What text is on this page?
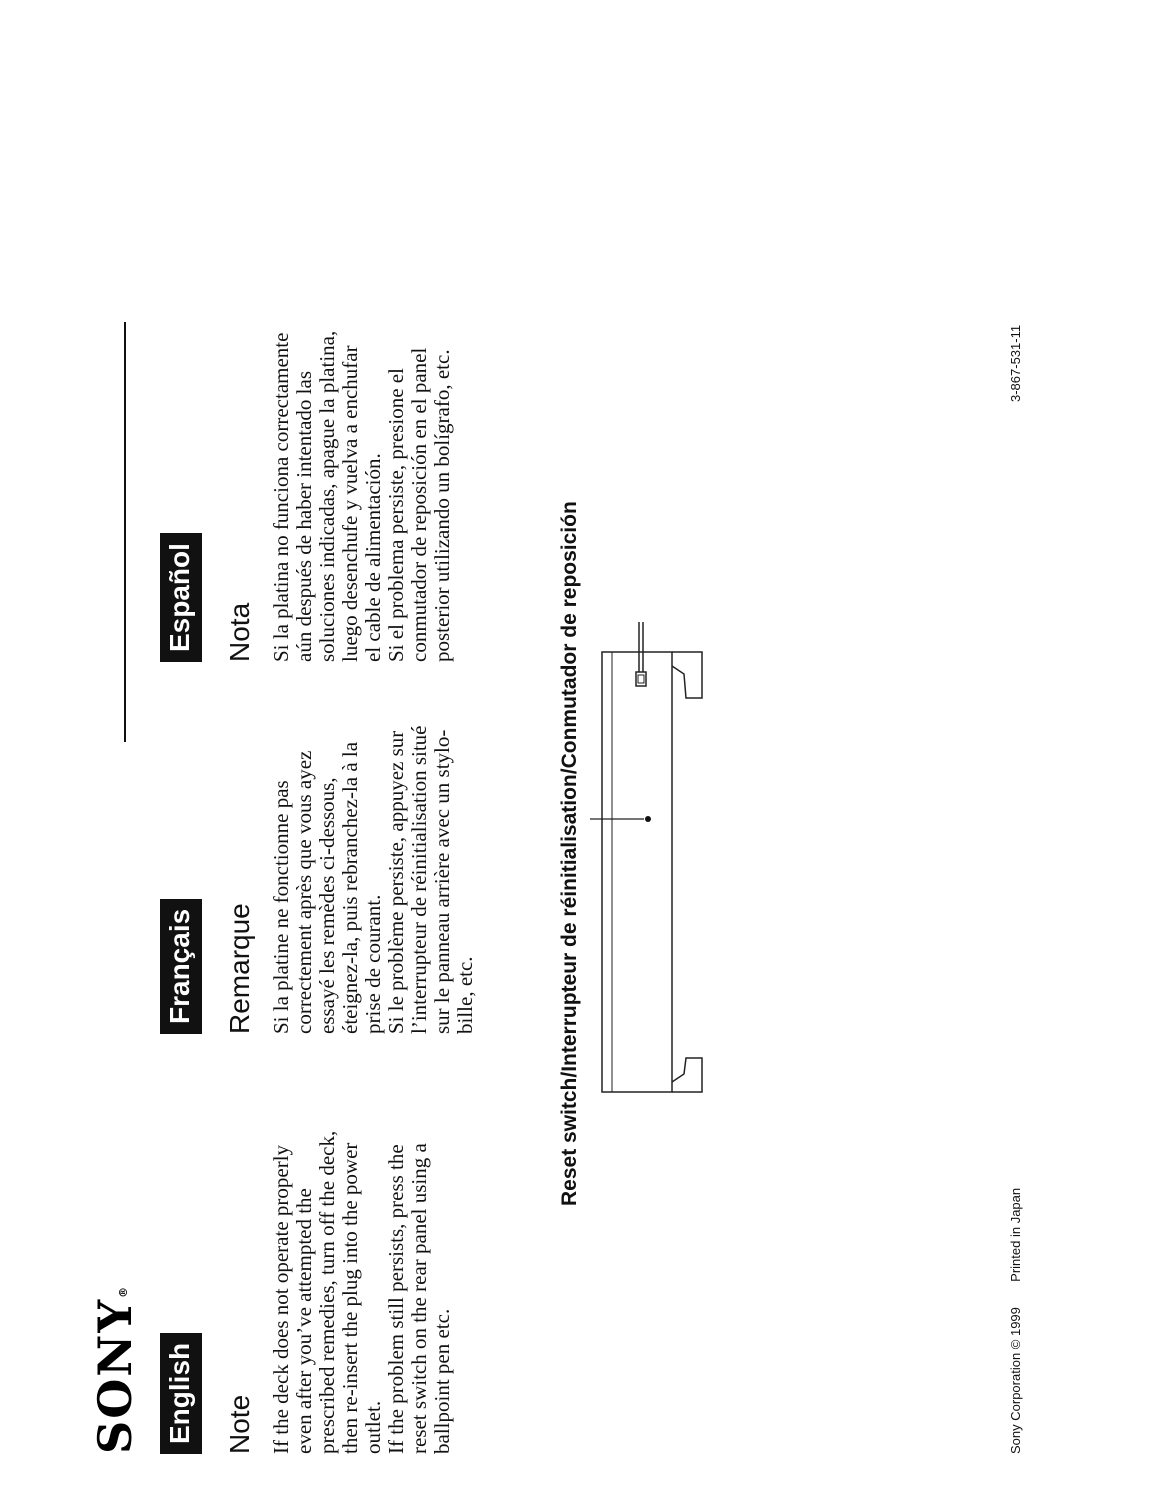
SONY®
English Note If the deck does not operate properly even after you’ve attempted the prescribed remedies, turn off the deck, then re-insert the plug into the power outlet. If the problem still persists, press the reset switch on the rear panel using a ballpoint pen etc.

Français Remarque Si la platine ne fonctionne pas correctement après que vous ayez essayé les remèdes ci-dessous, éteignez-la, puis rebranchez-la à la prise de courant. Si le problème persiste, appuyez sur l’interrupteur de réinitialisation situé sur le panneau arrière avec un stylo-bille, etc.

Español Nota Si la platina no funciona correctamente aún después de haber intentado las soluciones indicadas, apague la platina, luego desenchufe y vuelva a enchufar el cable de alimentación. Si el problema persiste, presione el conmutador de reposición en el panel posterior utilizando un bolígrafo, etc.	Reset switch/Interrupteur de réinitialisation/Conmutador de reposición
Sony Corporation © 1999  Printed in Japan
3-867-531-11
